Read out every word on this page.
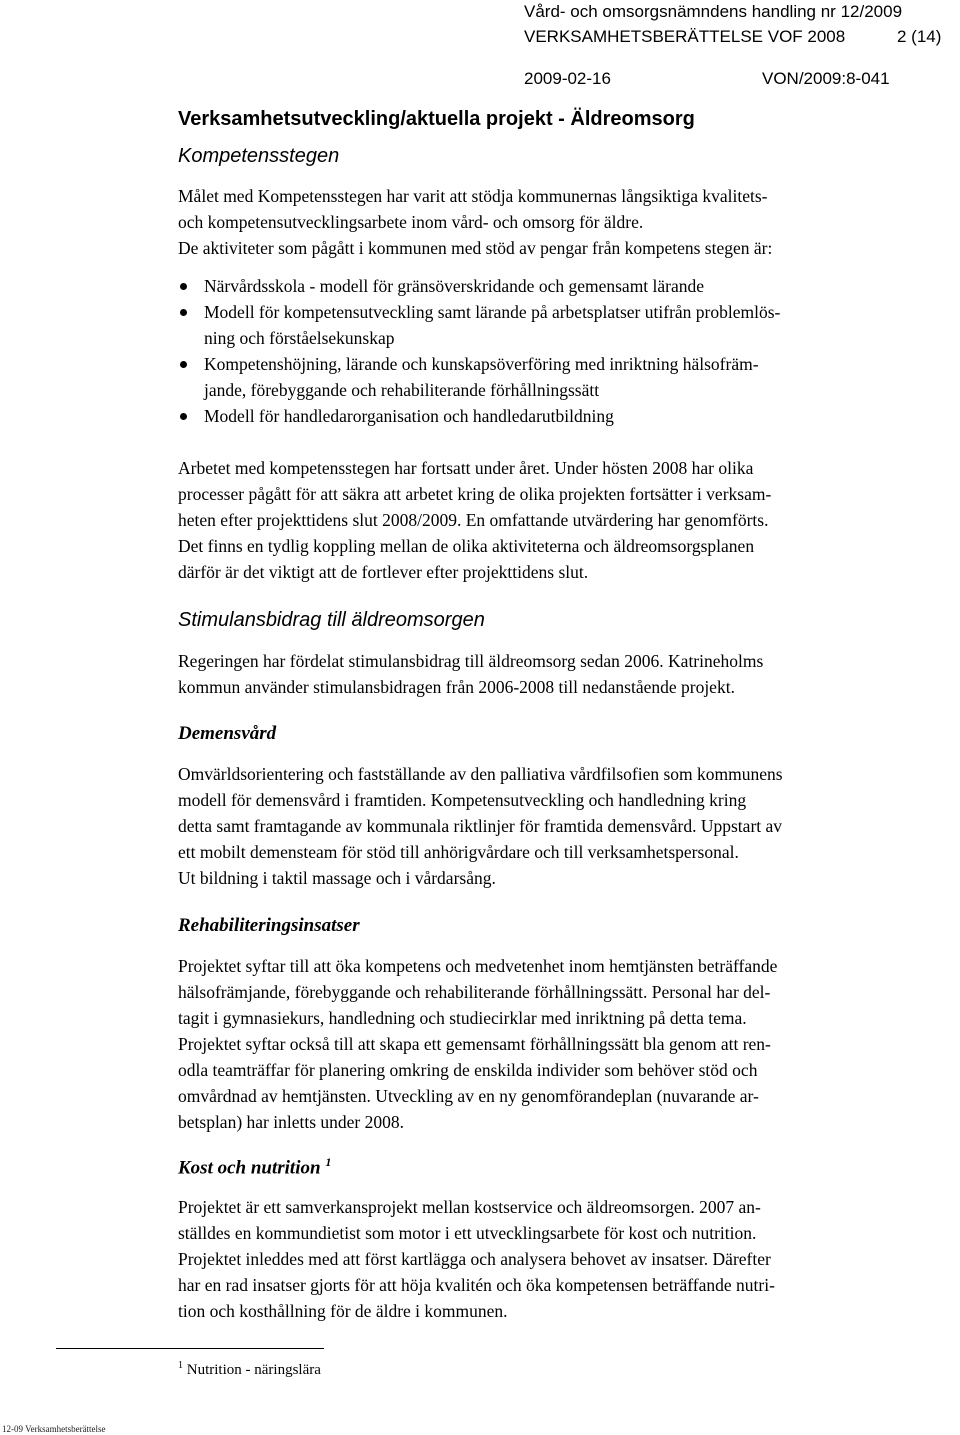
Vård- och omsorgsnämndens handling nr 12/2009
VERKSAMHETSBERÄTTELSE VOF 2008	2 (14)
2009-02-16	VON/2009:8-041
Verksamhetsutveckling/aktuella projekt - Äldreomsorg
Kompetensstegen
Målet med Kompetensstegen har varit att stödja kommunernas långsiktiga kvalitets-
och kompetensutvecklingsarbete inom vård- och omsorg för äldre.
De aktiviteter som pågått i kommunen med stöd av pengar från kompetens stegen är:
Närvårdsskola - modell för gränsöverskridande och gemensamt lärande
Modell för kompetensutveckling samt lärande på arbetsplatser utifrån problemlös-
ning och förståelsekunskap
Kompetenshöjning, lärande och kunskapsöverföring med inriktning hälsofräm-
jande, förebyggande och rehabiliterande förhållningssätt
Modell för handledarorganisation och handledarutbildning
Arbetet med kompetensstegen har fortsatt under året. Under hösten 2008 har olika
processer pågått för att säkra att arbetet kring de olika projekten fortsätter i verksam-
heten efter projekttidens slut 2008/2009. En omfattande utvärdering har genomförts.
Det finns en tydlig koppling mellan de olika aktiviteterna och äldreomsorgsplanen
därför är det viktigt att de fortlever efter projekttidens slut.
Stimulansbidrag till äldreomsorgen
Regeringen har fördelat stimulansbidrag till äldreomsorg sedan 2006. Katrineholms
kommun använder stimulansbidragen från 2006-2008 till nedanstående projekt.
Demensvård
Omvärldsorientering och fastställande av den palliativa vårdfilsofien som kommunens
modell för demensvård i framtiden. Kompetensutveckling och handledning kring
detta samt framtagande av kommunala riktlinjer för framtida demensvård. Uppstart av
ett mobilt demensteam för stöd till anhörigvårdare och till verksamhetspersonal.
Ut bildning i taktil massage och i vårdarsång.
Rehabiliteringsinsatser
Projektet syftar till att öka kompetens och medvetenhet inom hemtjänsten beträffande
hälsofrämjande, förebyggande och rehabiliterande förhållningssätt. Personal har del-
tagit i gymnasiekurs, handledning och studiecirklar med inriktning på detta tema.
Projektet syftar också till att skapa ett gemensamt förhållningssätt bla genom att ren-
odla teamträffar för planering omkring de enskilda individer som behöver stöd och
omvårdnad av hemtjänsten. Utveckling av en ny genomförandeplan (nuvarande ar-
betsplan) har inletts under 2008.
Kost och nutrition $^1$
Projektet är ett samverkansprojekt mellan kostservice och äldreomsorgen. 2007 an-
ställdes en kommundietist som motor i ett utvecklingsarbete för kost och nutrition.
Projektet inleddes med att först kartlägga och analysera behovet av insatser. Därefter
har en rad insatser gjorts för att höja kvalitén och öka kompetensen beträffande nutri-
tion och kosthållning för de äldre i kommunen.
$^1$ Nutrition - näringslära
12-09 Verksamhetsberättelse
